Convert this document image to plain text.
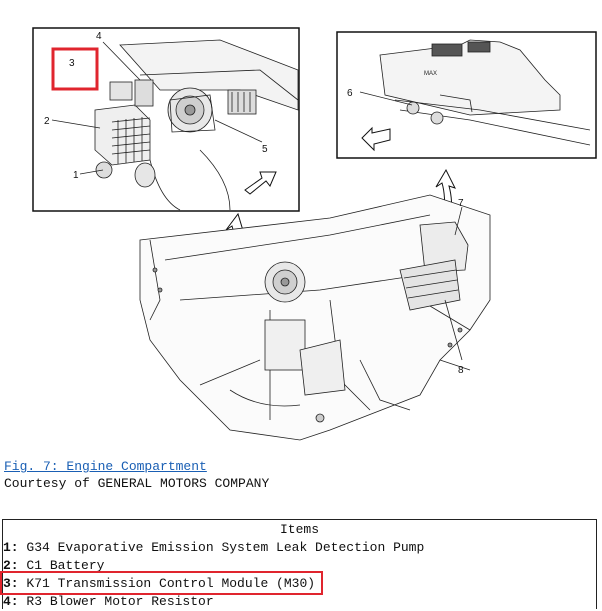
MAX
1
2
3
4
5
6
7
8
Fig. 7: Engine Compartment
Courtesy of GENERAL MOTORS COMPANY
Items
1: G34 Evaporative Emission System Leak Detection Pump
2: C1 Battery
3: K71 Transmission Control Module (M30)
4: R3 Blower Motor Resistor
